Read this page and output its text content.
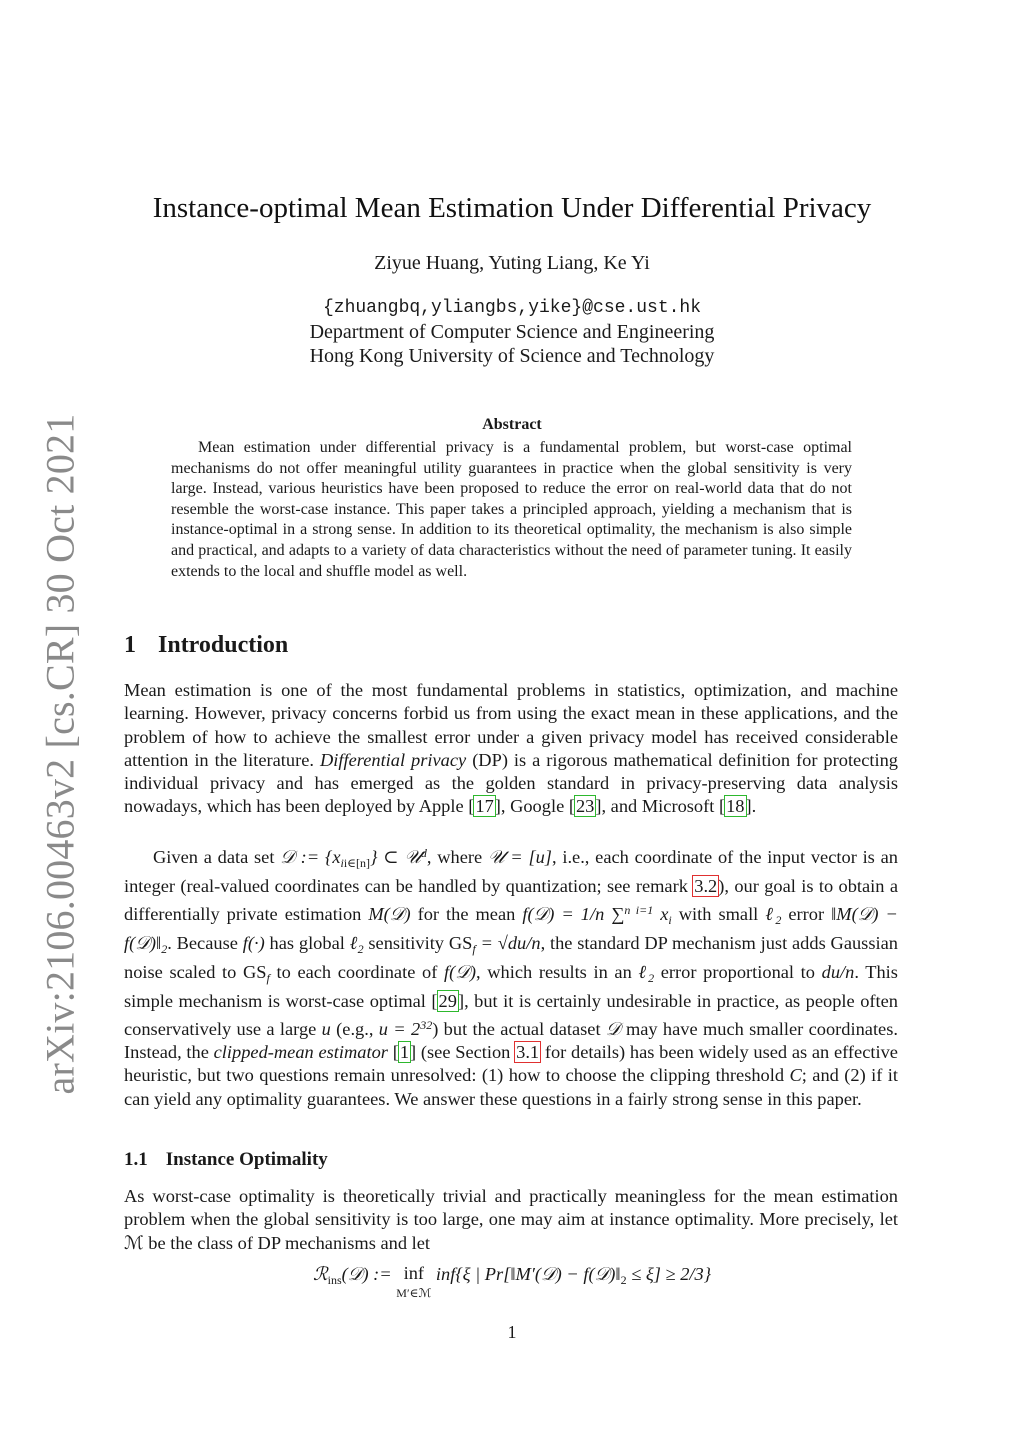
arXiv:2106.00463v2 [cs.CR] 30 Oct 2021
Instance-optimal Mean Estimation Under Differential Privacy
Ziyue Huang, Yuting Liang, Ke Yi
{zhuangbq,yliangbs,yike}@cse.ust.hk
Department of Computer Science and Engineering
Hong Kong University of Science and Technology
Abstract
Mean estimation under differential privacy is a fundamental problem, but worst-case optimal mechanisms do not offer meaningful utility guarantees in practice when the global sensitivity is very large. Instead, various heuristics have been proposed to reduce the error on real-world data that do not resemble the worst-case instance. This paper takes a principled approach, yielding a mechanism that is instance-optimal in a strong sense. In addition to its theoretical optimality, the mechanism is also simple and practical, and adapts to a variety of data characteristics without the need of parameter tuning. It easily extends to the local and shuffle model as well.
1 Introduction
Mean estimation is one of the most fundamental problems in statistics, optimization, and machine learning. However, privacy concerns forbid us from using the exact mean in these applications, and the problem of how to achieve the smallest error under a given privacy model has received considerable attention in the literature. Differential privacy (DP) is a rigorous mathematical definition for protecting individual privacy and has emerged as the golden standard in privacy-preserving data analysis nowadays, which has been deployed by Apple [17], Google [23], and Microsoft [18].
Given a data set 𝒟 := $\{x_{ii\in[n]}\}$ ⊂ 𝒰$^d$, where 𝒰 = [u], i.e., each coordinate of the input vector is an integer (real-valued coordinates can be handled by quantization; see remark 3.2), our goal is to obtain a differentially private estimation M(𝒟) for the mean f(𝒟) = 1/n ∑$^{n i=1}$ $x_i$ with small ℓ$_2$ error ‖M(𝒟) − $f(𝒟)‖_2$. Because f(·) has global ℓ$_2$ sensitivity $GS_f = √du/n$, the standard DP mechanism just adds Gaussian noise scaled to $GS_f$ to each coordinate of f(𝒟), which results in an ℓ$_2$ error proportional to du/n. This simple mechanism is worst-case optimal [29], but it is certainly undesirable in practice, as people often conservatively use a large u (e.g., $u = 2^{32}$) but the actual dataset 𝒟 may have much smaller coordinates. Instead, the clipped-mean estimator [1] (see Section 3.1 for details) has been widely used as an effective heuristic, but two questions remain unresolved: (1) how to choose the clipping threshold C; and (2) if it can yield any optimality guarantees. We answer these questions in a fairly strong sense in this paper.
1.1 Instance Optimality
As worst-case optimality is theoretically trivial and practically meaningless for the mean estimation problem when the global sensitivity is too large, one may aim at instance optimality. More precisely, let ℳ be the class of DP mechanisms and let
ℛ$_{ins}$(𝒟) := inf
M′∈ℳ inf{ξ | Pr[‖M′(𝒟) − $f(𝒟)‖_2 \le \xi] \ge 2/3$}
1
